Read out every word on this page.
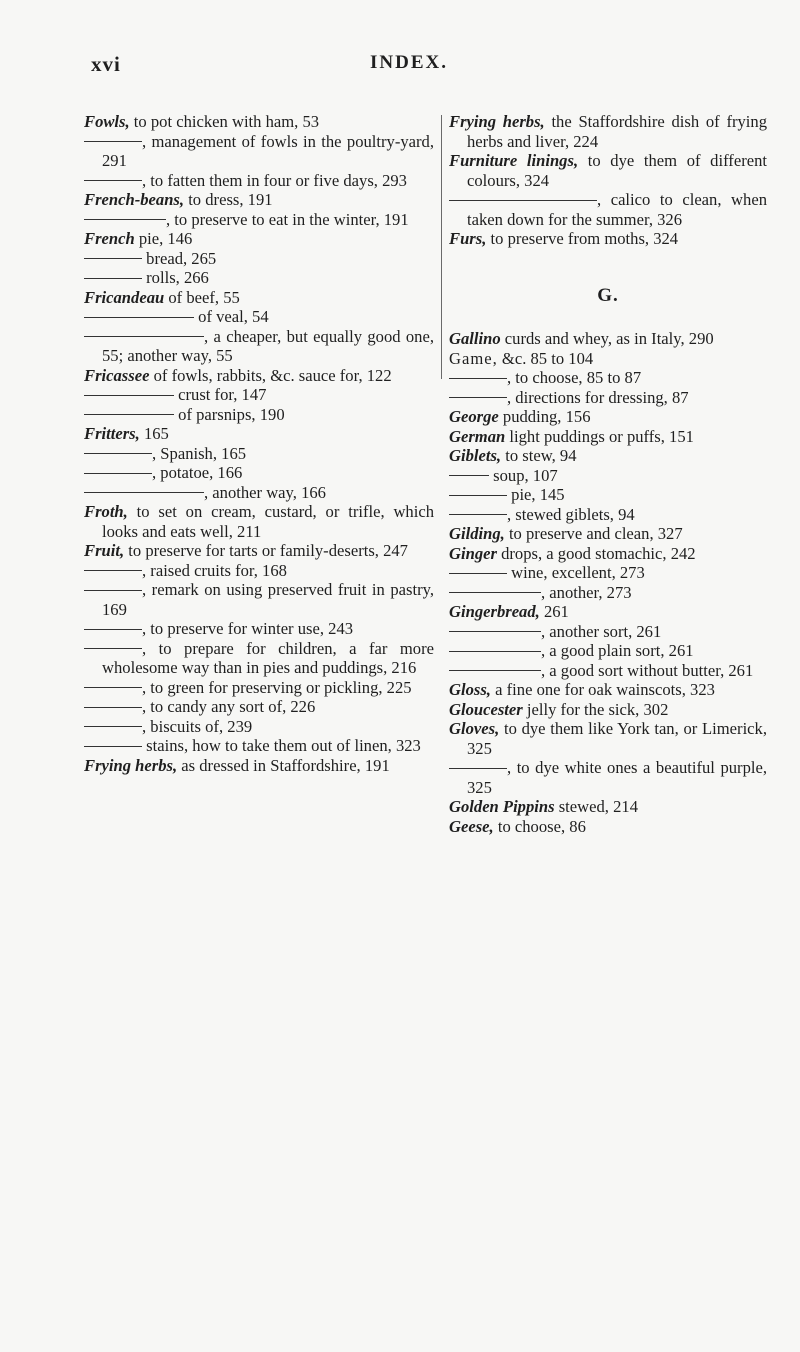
xvi	INDEX.

Fowls, to pot chicken with ham, 53

, management of fowls in the poultry-yard, 291

, to fatten them in four or five days, 293

French-beans, to dress, 191

, to preserve to eat in the winter, 191

French pie, 146

bread, 265

rolls, 266

Fricandeau of beef, 55

of veal, 54

, a cheaper, but equally good one, 55; another way, 55

Fricassee of fowls, rabbits, &c. sauce for, 122

crust for, 147

of parsnips, 190

Fritters, 165

, Spanish, 165

, potatoe, 166

, another way, 166

Froth, to set on cream, custard, or trifle, which looks and eats well, 211

Fruit, to preserve for tarts or family-deserts, 247

, raised cruits for, 168

, remark on using preserved fruit in pastry, 169

, to preserve for winter use, 243

, to prepare for children, a far more wholesome way than in pies and puddings, 216

, to green for preserving or pickling, 225

, to candy any sort of, 226

, biscuits of, 239

stains, how to take them out of linen, 323

Frying herbs, as dressed in Staffordshire, 191

Frying herbs, the Staffordshire dish of frying herbs and liver, 224

Furniture linings, to dye them of different colours, 324

, calico to clean, when taken down for the summer, 326

Furs, to preserve from moths, 324

G.

Gallino curds and whey, as in Italy, 290

Game, &c. 85 to 104

, to choose, 85 to 87

, directions for dressing, 87

George pudding, 156

German light puddings or puffs, 151

Giblets, to stew, 94

soup, 107

pie, 145

, stewed giblets, 94

Gilding, to preserve and clean, 327

Ginger drops, a good stomachic, 242

wine, excellent, 273

, another, 273

Gingerbread, 261

, another sort, 261

, a good plain sort, 261

, a good sort without butter, 261

Gloss, a fine one for oak wainscots, 323

Gloucester jelly for the sick, 302

Gloves, to dye them like York tan, or Limerick, 325

, to dye white ones a beautiful purple, 325

Golden Pippins stewed, 214

Geese, to choose, 86
